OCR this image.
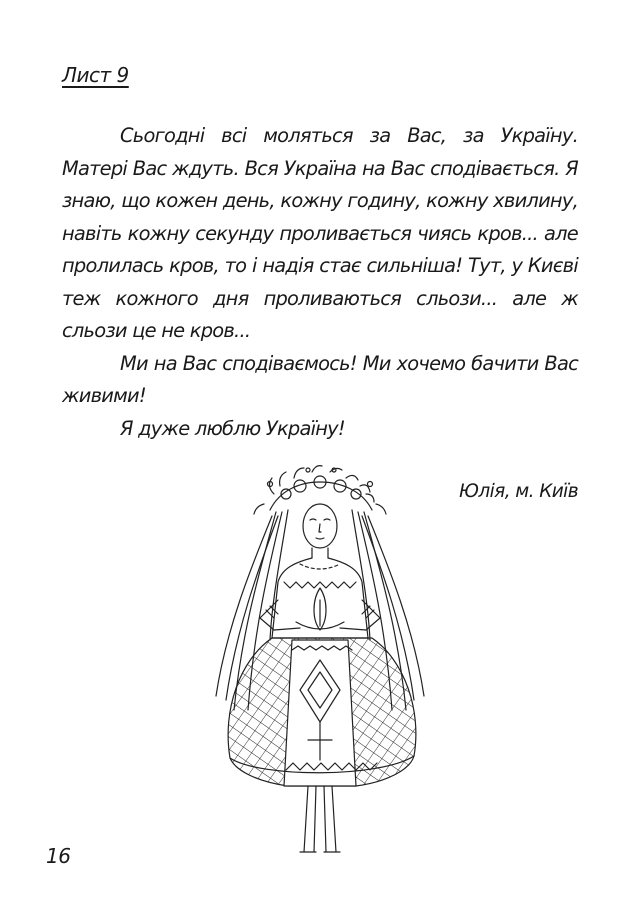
Лист 9

Сьогодні всі моляться за Вас, за Україну. Матері Вас ждуть. Вся Україна на Вас сподівається. Я знаю, що кожен день, кожну годину, кожну хвилину, навіть кожну секунду проливається чиясь кров... але пролилась кров, то і надія стає сильніша! Тут, у Києві теж кожного дня проливаються сльози... але ж сльози це не кров...

Ми на Вас сподіваємось! Ми хочемо бачити Вас живими!

Я дуже люблю Україну!

Юлія, м. Київ
16
